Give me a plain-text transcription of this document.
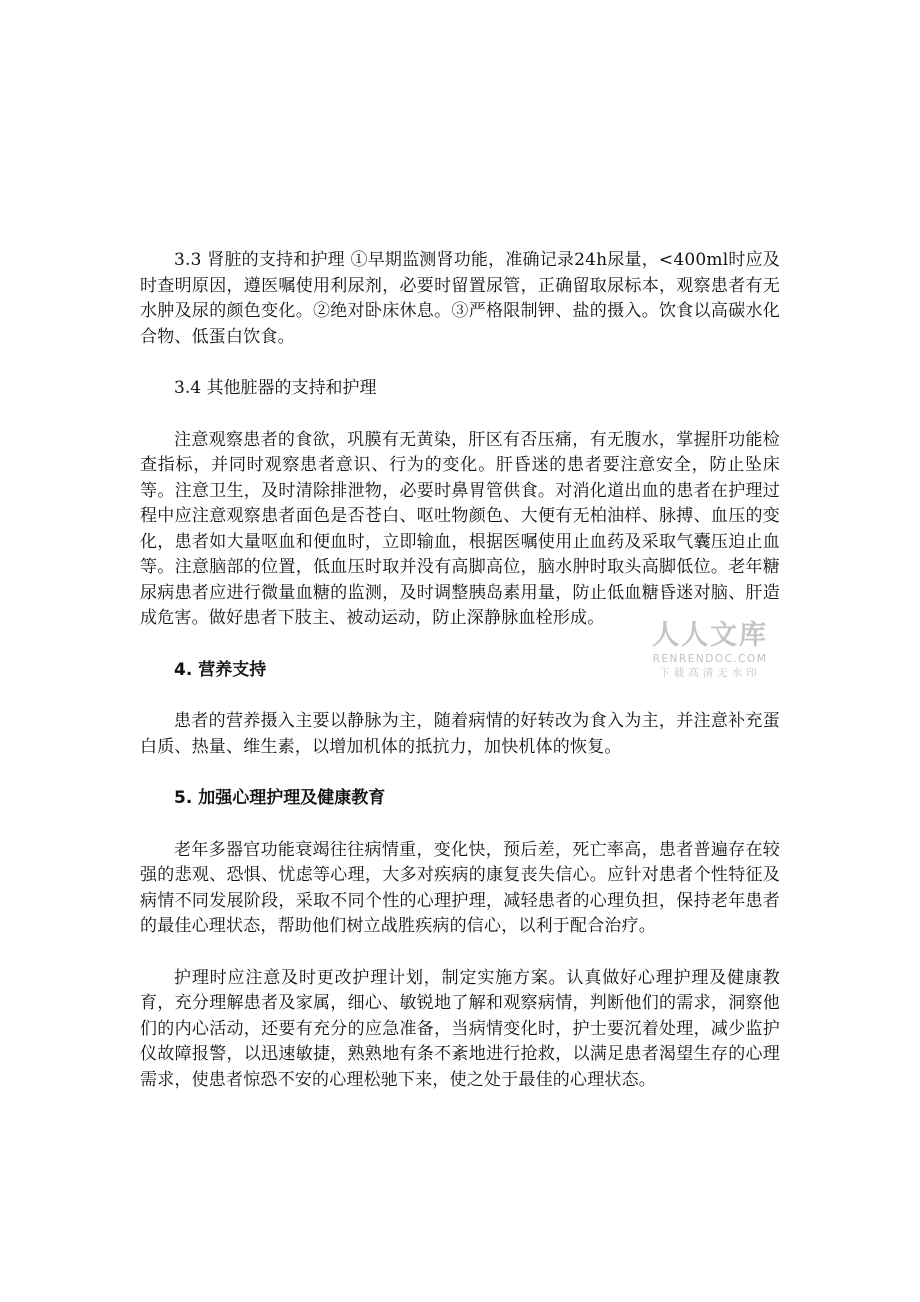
3.3 肾脏的支持和护理 ①早期监测肾功能，准确记录24h尿量，<400ml时应及时查明原因，遵医嘱使用利尿剂，必要时留置尿管，正确留取尿标本，观察患者有无水肿及尿的颜色变化。②绝对卧床休息。③严格限制钾、盐的摄入。饮食以高碳水化合物、低蛋白饮食。

3.4 其他脏器的支持和护理

注意观察患者的食欲，巩膜有无黄染，肝区有否压痛，有无腹水，掌握肝功能检查指标，并同时观察患者意识、行为的变化。肝昏迷的患者要注意安全，防止坠床等。注意卫生，及时清除排泄物，必要时鼻胃管供食。对消化道出血的患者在护理过程中应注意观察患者面色是否苍白、呕吐物颜色、大便有无柏油样、脉搏、血压的变化，患者如大量呕血和便血时，立即输血，根据医嘱使用止血药及采取气囊压迫止血等。注意脑部的位置，低血压时取并没有高脚高位，脑水肿时取头高脚低位。老年糖尿病患者应进行微量血糖的监测，及时调整胰岛素用量，防止低血糖昏迷对脑、肝造成危害。做好患者下肢主、被动运动，防止深静脉血栓形成。

4. 营养支持

患者的营养摄入主要以静脉为主，随着病情的好转改为食入为主，并注意补充蛋白质、热量、维生素，以增加机体的抵抗力，加快机体的恢复。

5. 加强心理护理及健康教育

老年多器官功能衰竭往往病情重，变化快，预后差，死亡率高，患者普遍存在较强的悲观、恐惧、忧虑等心理，大多对疾病的康复丧失信心。应针对患者个性特征及病情不同发展阶段，采取不同个性的心理护理，减轻患者的心理负担，保持老年患者的最佳心理状态，帮助他们树立战胜疾病的信心，以利于配合治疗。

护理时应注意及时更改护理计划，制定实施方案。认真做好心理护理及健康教育，充分理解患者及家属，细心、敏锐地了解和观察病情，判断他们的需求，洞察他们的内心活动，还要有充分的应急准备，当病情变化时，护士要沉着处理，减少监护仪故障报警，以迅速敏捷，熟熟地有条不紊地进行抢救，以满足患者渴望生存的心理需求，使患者惊恐不安的心理松驰下来，使之处于最佳的心理状态。

人人文库
RENRENDOC.COM
下载高清无水印
